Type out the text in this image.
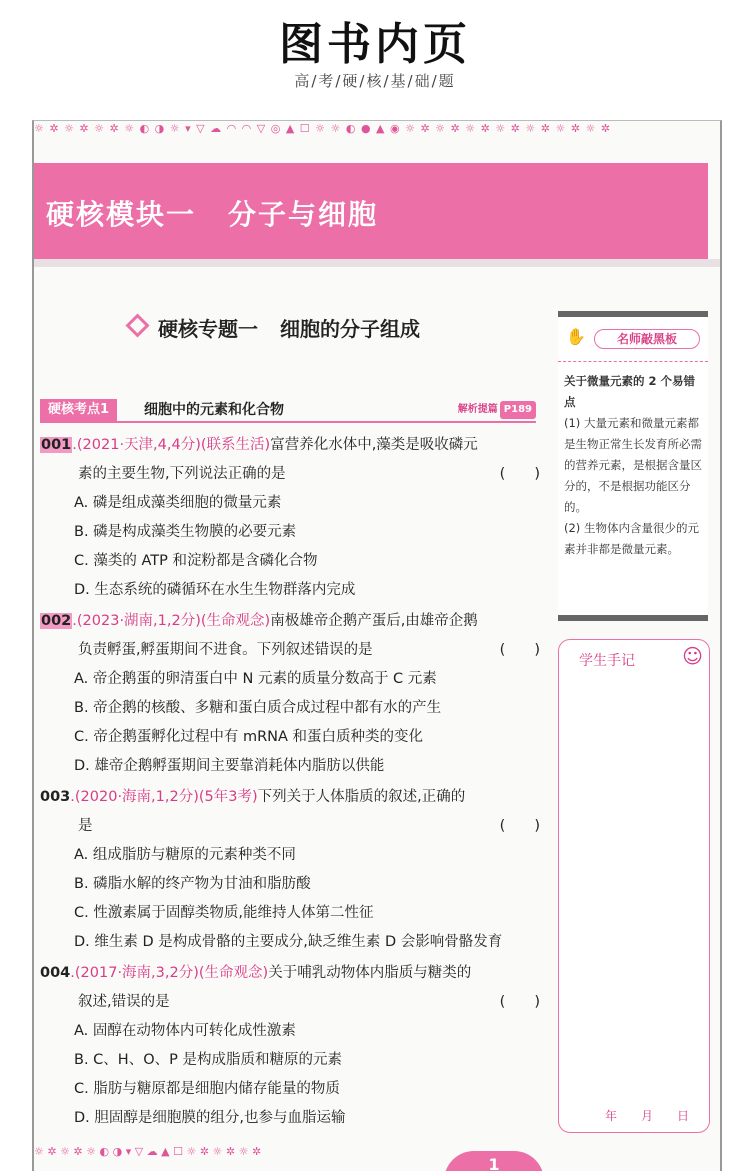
图书内页
高/考/硬/核/基/础/题
☼ ✲ ☼ ✲ ☼ ✲ ☼ ◐ ◑ ☼ ▾ ▽ ☁ ◠ ◠ ▽ ◎ ▲ ☐ ☼ ☼ ◐ ● ▲ ◉ ☼ ✲ ☼ ✲ ☼ ✲ ☼ ✲ ☼ ✲ ☼ ✲ ☼ ✲
硬核模块一 分子与细胞
硬核专题一 细胞的分子组成
硬核考点1	细胞中的元素和化合物	解析提篇 P189
001.(2021·天津,4,4分)(联系生活)富营养化水体中,藻类是吸收磷元
素的主要生物,下列说法正确的是	(　　)
A. 磷是组成藻类细胞的微量元素
B. 磷是构成藻类生物膜的必要元素
C. 藻类的 ATP 和淀粉都是含磷化合物
D. 生态系统的磷循环在水生生物群落内完成
002.(2023·湖南,1,2分)(生命观念)南极雄帝企鹅产蛋后,由雄帝企鹅
负责孵蛋,孵蛋期间不进食。下列叙述错误的是	(　　)
A. 帝企鹅蛋的卵清蛋白中 N 元素的质量分数高于 C 元素
B. 帝企鹅的核酸、多糖和蛋白质合成过程中都有水的产生
C. 帝企鹅蛋孵化过程中有 mRNA 和蛋白质种类的变化
D. 雄帝企鹅孵蛋期间主要靠消耗体内脂肪以供能
003.(2020·海南,1,2分)(5年3考)下列关于人体脂质的叙述,正确的
是	(　　)
A. 组成脂肪与糖原的元素种类不同
B. 磷脂水解的终产物为甘油和脂肪酸
C. 性激素属于固醇类物质,能维持人体第二性征
D. 维生素 D 是构成骨骼的主要成分,缺乏维生素 D 会影响骨骼发育
004.(2017·海南,3,2分)(生命观念)关于哺乳动物体内脂质与糖类的
叙述,错误的是	(　　)
A. 固醇在动物体内可转化成性激素
B. C、H、O、P 是构成脂质和糖原的元素
C. 脂肪与糖原都是细胞内储存能量的物质
D. 胆固醇是细胞膜的组分,也参与血脂运输
✋	名师敲黑板

关于微量元素的 2 个易错点

(1) 大量元素和微量元素都是生物正常生长发育所必需的营养元素，是根据含量区分的，不是根据功能区分的。

(2) 生物体内含量很少的元素并非都是微量元素。

学生手记 ☺
年　月　日
☼ ✲ ☼ ✲ ☼ ◐ ◑ ▾ ▽ ☁ ▲ ☐ ☼ ✲ ☼ ✲ ☼ ✲
1
